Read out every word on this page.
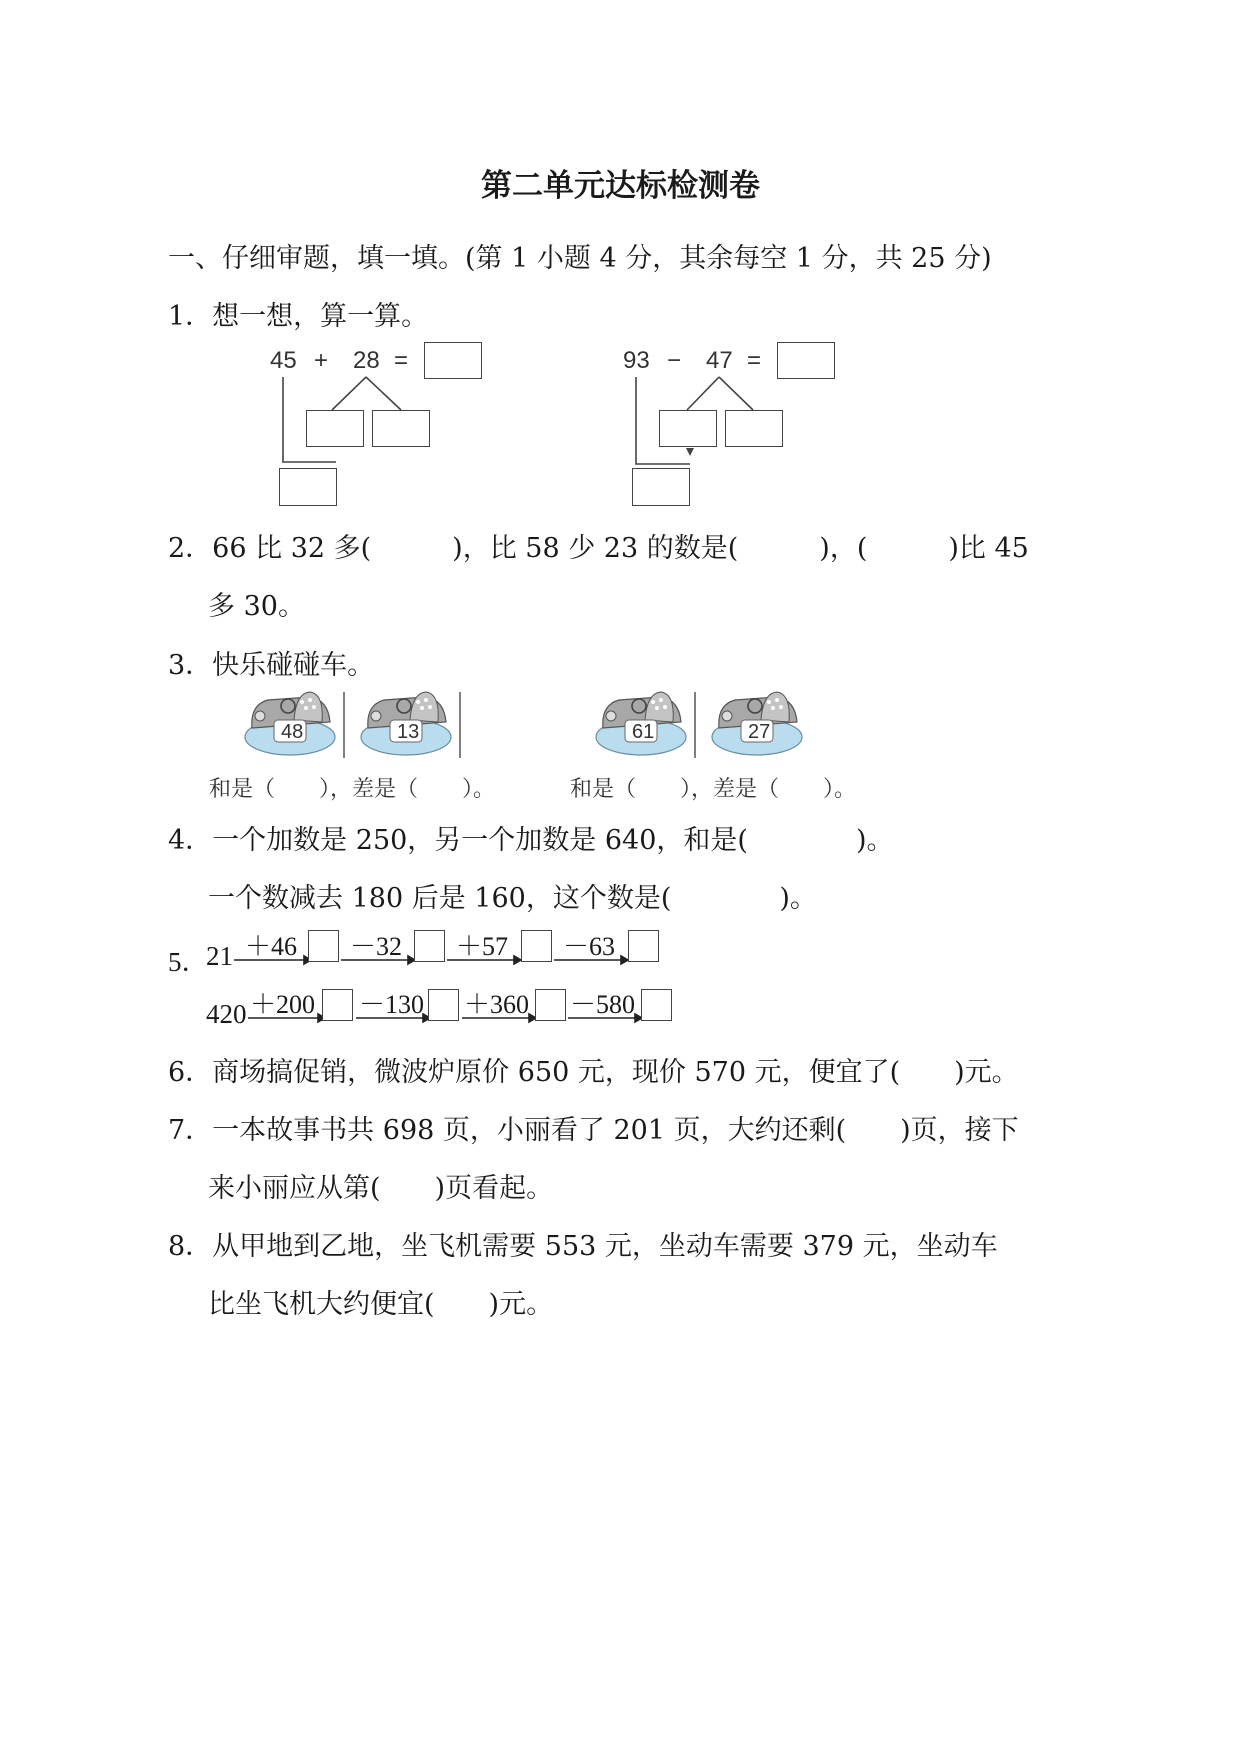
第二单元达标检测卷
一、仔细审题，填一填。(第 1 小题 4 分，其余每空 1 分，共 25 分)
1．想一想，算一算。
45 + 28 =	93 − 47 =
2．66 比 32 多(　　　)，比 58 少 23 的数是(　　　)，(　　　)比 45
多 30。
3．快乐碰碰车。
48	13	61	27
和是（　　），差是（　　）。	和是（　　），差是（　　）。
4．一个加数是 250，另一个加数是 640，和是(　　　　)。
一个数减去 180 后是 160，这个数是(　　　　)。
5．
21 ＋46 －32 ＋57 －63
420 ＋200 －130 ＋360 －580
6．商场搞促销，微波炉原价 650 元，现价 570 元，便宜了(　　)元。
7．一本故事书共 698 页，小丽看了 201 页，大约还剩(　　)页，接下
来小丽应从第(　　)页看起。
8．从甲地到乙地，坐飞机需要 553 元，坐动车需要 379 元，坐动车
比坐飞机大约便宜(　　)元。
